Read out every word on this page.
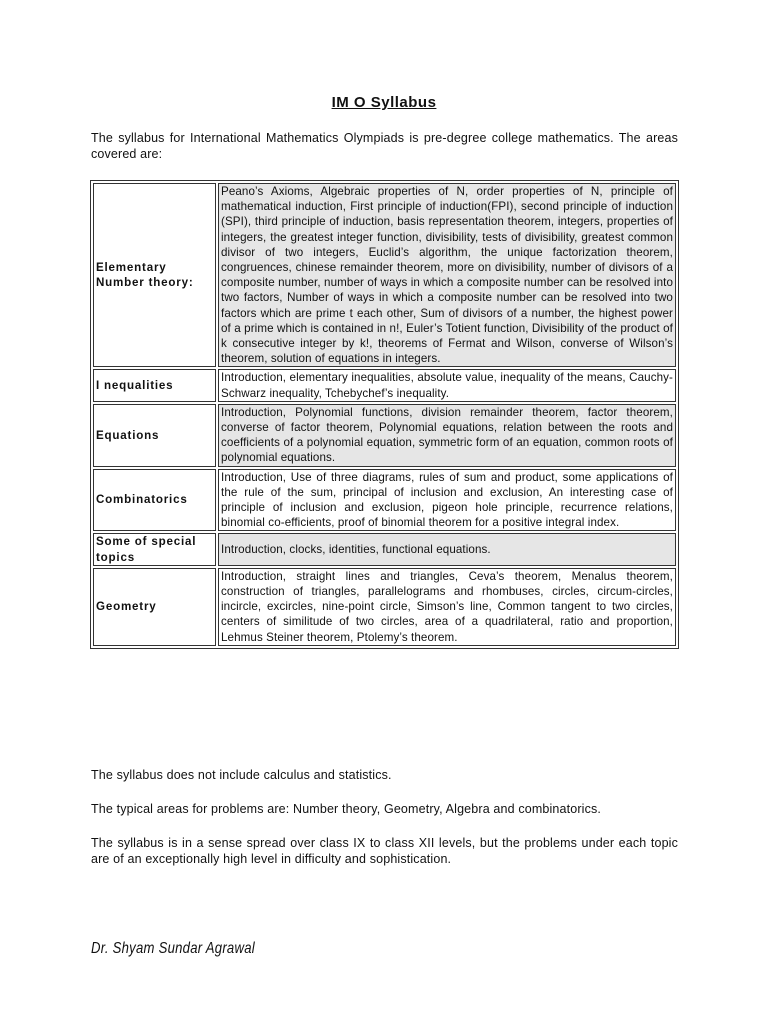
IM O Syllabus
The syllabus for International Mathematics Olympiads is pre-degree college mathematics. The areas covered are:
Elementary Number theory:	Peano’s Axioms, Algebraic properties of N, order properties of N, principle of mathematical induction, First principle of induction(FPI), second principle of induction (SPI), third principle of induction, basis representation theorem, integers, properties of integers, the greatest integer function, divisibility, tests of divisibility, greatest common divisor of two integers, Euclid’s algorithm, the unique factorization theorem, congruences, chinese remainder theorem, more on divisibility, number of divisors of a composite number, number of ways in which a composite number can be resolved into two factors, Number of ways in which a composite number can be resolved into two factors which are prime t each other, Sum of divisors of a number, the highest power of a prime which is contained in n!, Euler’s Totient function, Divisibility of the product of k consecutive integer by k!, theorems of Fermat and Wilson, converse of Wilson’s theorem, solution of equations in integers.
I nequalities	Introduction, elementary inequalities, absolute value, inequality of the means, Cauchy-Schwarz inequality, Tchebychef’s inequality.
Equations	Introduction, Polynomial functions, division remainder theorem, factor theorem, converse of factor theorem, Polynomial equations, relation between the roots and coefficients of a polynomial equation, symmetric form of an equation, common roots of polynomial equations.
Combinatorics	Introduction, Use of three diagrams, rules of sum and product, some applications of the rule of the sum, principal of inclusion and exclusion, An interesting case of principle of inclusion and exclusion, pigeon hole principle, recurrence relations, binomial co-efficients, proof of binomial theorem for a positive integral index.
Some of special topics	Introduction, clocks, identities, functional equations.
Geometry	Introduction, straight lines and triangles, Ceva’s theorem, Menalus theorem, construction of triangles, parallelograms and rhombuses, circles, circum-circles, incircle, excircles, nine-point circle, Simson’s line, Common tangent to two circles, centers of similitude of two circles, area of a quadrilateral, ratio and proportion, Lehmus Steiner theorem, Ptolemy’s theorem.
The syllabus does not include calculus and statistics.
The typical areas for problems are: Number theory, Geometry, Algebra and combinatorics.
The syllabus is in a sense spread over class IX to class XII levels, but the problems under each topic are of an exceptionally high level in difficulty and sophistication.
Dr. Shyam Sundar Agrawal
